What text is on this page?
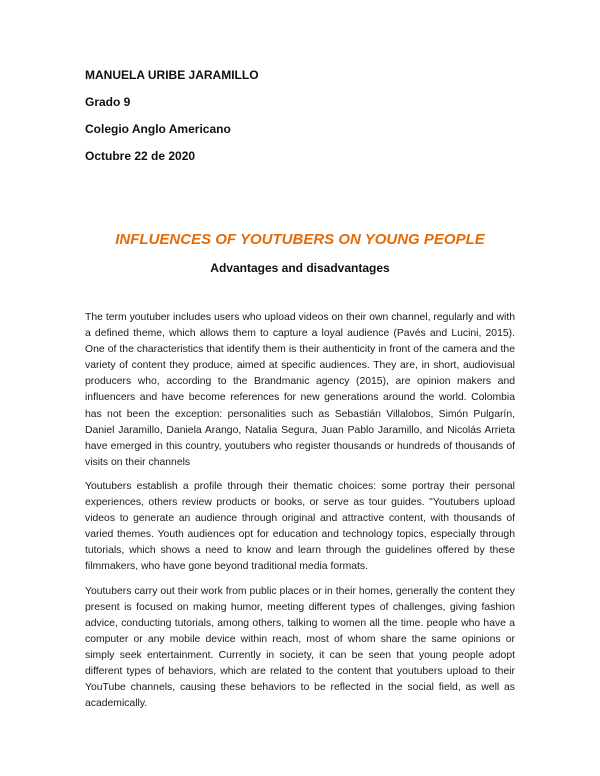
MANUELA URIBE JARAMILLO

Grado 9

Colegio Anglo Americano

Octubre 22 de 2020

INFLUENCES OF YOUTUBERS ON YOUNG PEOPLE
Advantages and disadvantages

The term youtuber includes users who upload videos on their own channel, regularly and with a defined theme, which allows them to capture a loyal audience (Pavés and Lucini, 2015). One of the characteristics that identify them is their authenticity in front of the camera and the variety of content they produce, aimed at specific audiences. They are, in short, audiovisual producers who, according to the Brandmanic agency (2015), are opinion makers and influencers and have become references for new generations around the world. Colombia has not been the exception: personalities such as Sebastián Villalobos, Simón Pulgarín, Daniel Jaramillo, Daniela Arango, Natalia Segura, Juan Pablo Jaramillo, and Nicolás Arrieta have emerged in this country, youtubers who register thousands or hundreds of thousands of visits on their channels

Youtubers establish a profile through their thematic choices: some portray their personal experiences, others review products or books, or serve as tour guides. "Youtubers upload videos to generate an audience through original and attractive content, with thousands of varied themes. Youth audiences opt for education and technology topics, especially through tutorials, which shows a need to know and learn through the guidelines offered by these filmmakers, who have gone beyond traditional media formats.

Youtubers carry out their work from public places or in their homes, generally the content they present is focused on making humor, meeting different types of challenges, giving fashion advice, conducting tutorials, among others, talking to women all the time. people who have a computer or any mobile device within reach, most of whom share the same opinions or simply seek entertainment. Currently in society, it can be seen that young people adopt different types of behaviors, which are related to the content that youtubers upload to their YouTube channels, causing these behaviors to be reflected in the social field, as well as academically.
